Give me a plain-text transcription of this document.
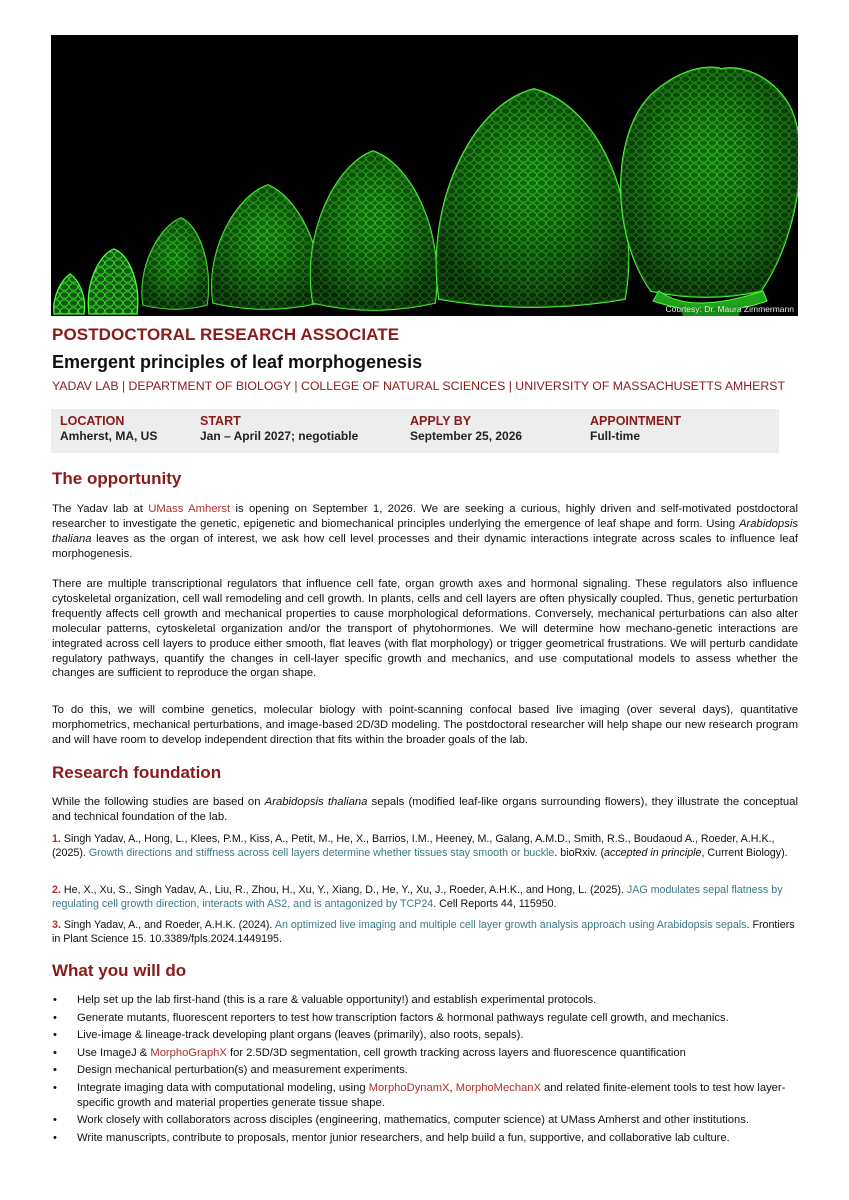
Courtesy: Dr. Maura Zimmermann
POSTDOCTORAL RESEARCH ASSOCIATE
Emergent principles of leaf morphogenesis
YADAV LAB | DEPARTMENT OF BIOLOGY | COLLEGE OF NATURAL SCIENCES | UNIVERSITY OF MASSACHUSETTS AMHERST
LOCATION
Amherst, MA, US
START
Jan – April 2027; negotiable
APPLY BY
September 25, 2026
APPOINTMENT
Full-time
The opportunity

The Yadav lab at UMass Amherst is opening on September 1, 2026. We are seeking a curious, highly driven and self-motivated postdoctoral researcher to investigate the genetic, epigenetic and biomechanical principles underlying the emergence of leaf shape and form. Using Arabidopsis thaliana leaves as the organ of interest, we ask how cell level processes and their dynamic interactions integrate across scales to influence leaf morphogenesis.

There are multiple transcriptional regulators that influence cell fate, organ growth axes and hormonal signaling. These regulators also influence cytoskeletal organization, cell wall remodeling and cell growth. In plants, cells and cell layers are often physically coupled. Thus, genetic perturbation frequently affects cell growth and mechanical properties to cause morphological deformations. Conversely, mechanical perturbations can also alter molecular patterns, cytoskeletal organization and/or the transport of phytohormones. We will determine how mechano-genetic interactions are integrated across cell layers to produce either smooth, flat leaves (with flat morphology) or trigger geometrical frustrations. We will perturb candidate regulatory pathways, quantify the changes in cell-layer specific growth and mechanics, and use computational models to assess whether the changes are sufficient to reproduce the organ shape.

To do this, we will combine genetics, molecular biology with point-scanning confocal based live imaging (over several days), quantitative morphometrics, mechanical perturbations, and image-based 2D/3D modeling. The postdoctoral researcher will help shape our new research program and will have room to develop independent direction that fits within the broader goals of the lab.

Research foundation

While the following studies are based on Arabidopsis thaliana sepals (modified leaf-like organs surrounding flowers), they illustrate the conceptual and technical foundation of the lab.

1. Singh Yadav, A., Hong, L., Klees, P.M., Kiss, A., Petit, M., He, X., Barrios, I.M., Heeney, M., Galang, A.M.D., Smith, R.S., Boudaoud A., Roeder, A.H.K., (2025). Growth directions and stiffness across cell layers determine whether tissues stay smooth or buckle. bioRxiv. (accepted in principle, Current Biology).

2. He, X., Xu, S., Singh Yadav, A., Liu, R., Zhou, H., Xu, Y., Xiang, D., He, Y., Xu, J., Roeder, A.H.K., and Hong, L. (2025). JAG modulates sepal flatness by regulating cell growth direction, interacts with AS2, and is antagonized by TCP24. Cell Reports 44, 115950.

3. Singh Yadav, A., and Roeder, A.H.K. (2024). An optimized live imaging and multiple cell layer growth analysis approach using Arabidopsis sepals. Frontiers in Plant Science 15. 10.3389/fpls.2024.1449195.

What you will do
• Help set up the lab first-hand (this is a rare & valuable opportunity!) and establish experimental protocols.
• Generate mutants, fluorescent reporters to test how transcription factors & hormonal pathways regulate cell growth, and mechanics.
• Live-image & lineage-track developing plant organs (leaves (primarily), also roots, sepals).
• Use ImageJ & MorphoGraphX for 2.5D/3D segmentation, cell growth tracking across layers and fluorescence quantification
• Design mechanical perturbation(s) and measurement experiments.
• Integrate imaging data with computational modeling, using MorphoDynamX, MorphoMechanX and related finite-element tools to test how layer-specific growth and material properties generate tissue shape.
• Work closely with collaborators across disciples (engineering, mathematics, computer science) at UMass Amherst and other institutions.
• Write manuscripts, contribute to proposals, mentor junior researchers, and help build a fun, supportive, and collaborative lab culture.
